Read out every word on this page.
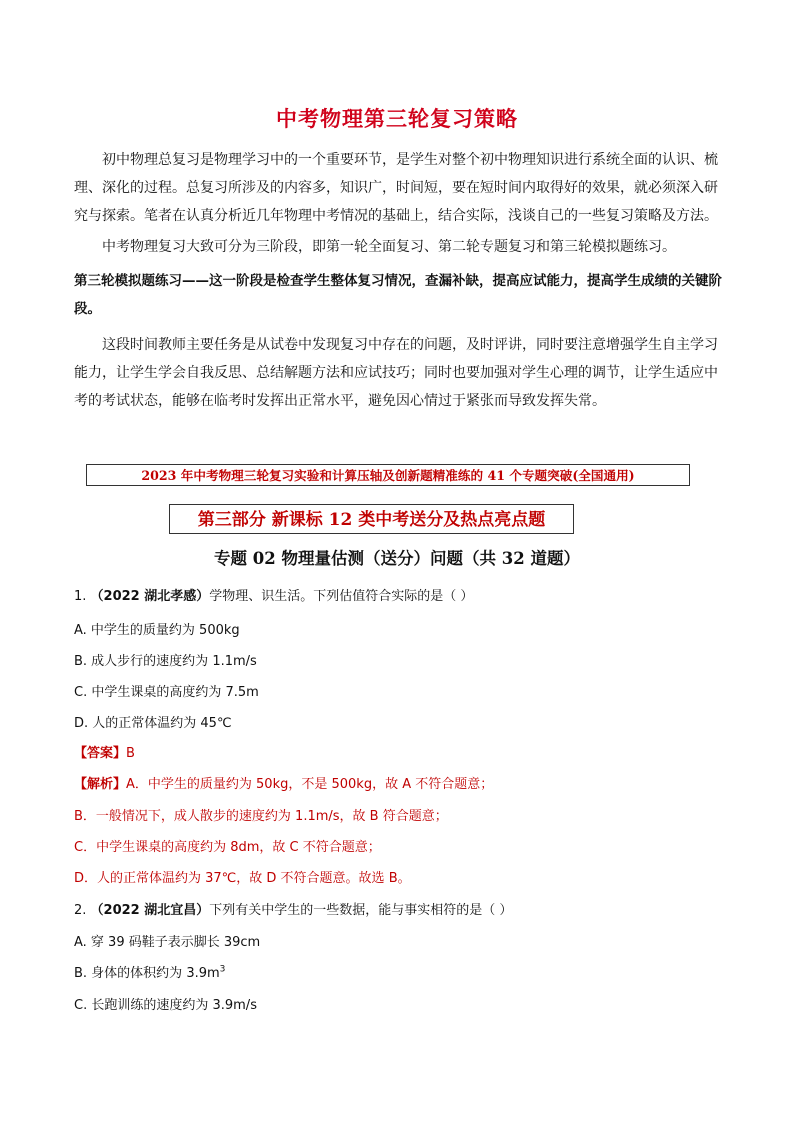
中考物理第三轮复习策略
初中物理总复习是物理学习中的一个重要环节，是学生对整个初中物理知识进行系统全面的认识、梳理、深化的过程。总复习所涉及的内容多，知识广，时间短，要在短时间内取得好的效果，就必须深入研究与探索。笔者在认真分析近几年物理中考情况的基础上，结合实际，浅谈自己的一些复习策略及方法。
中考物理复习大致可分为三阶段，即第一轮全面复习、第二轮专题复习和第三轮模拟题练习。
第三轮模拟题练习——这一阶段是检查学生整体复习情况，查漏补缺，提高应试能力，提高学生成绩的关键阶段。
这段时间教师主要任务是从试卷中发现复习中存在的问题，及时评讲，同时要注意增强学生自主学习能力，让学生学会自我反思、总结解题方法和应试技巧；同时也要加强对学生心理的调节，让学生适应中考的考试状态，能够在临考时发挥出正常水平，避免因心情过于紧张而导致发挥失常。
2023 年中考物理三轮复习实验和计算压轴及创新题精准练的 41 个专题突破(全国通用)
第三部分 新课标 12 类中考送分及热点亮点题
专题 02 物理量估测（送分）问题（共 32 道题）
1. （2022 湖北孝感）学物理、识生活。下列估值符合实际的是（ ）
A. 中学生的质量约为 500kg
B. 成人步行的速度约为 1.1m/s
C. 中学生课桌的高度约为 7.5m
D. 人的正常体温约为 45℃
【答案】B
【解析】A．中学生的质量约为 50kg，不是 500kg，故 A 不符合题意；
B．一般情况下，成人散步的速度约为 1.1m/s，故 B 符合题意；
C．中学生课桌的高度约为 8dm，故 C 不符合题意；
D．人的正常体温约为 37℃，故 D 不符合题意。故选 B。
2. （2022 湖北宜昌）下列有关中学生的一些数据，能与事实相符的是（ ）
A. 穿 39 码鞋子表示脚长 39cm
B. 身体的体积约为 $3.9m^3$
C. 长跑训练的速度约为 3.9m/s
